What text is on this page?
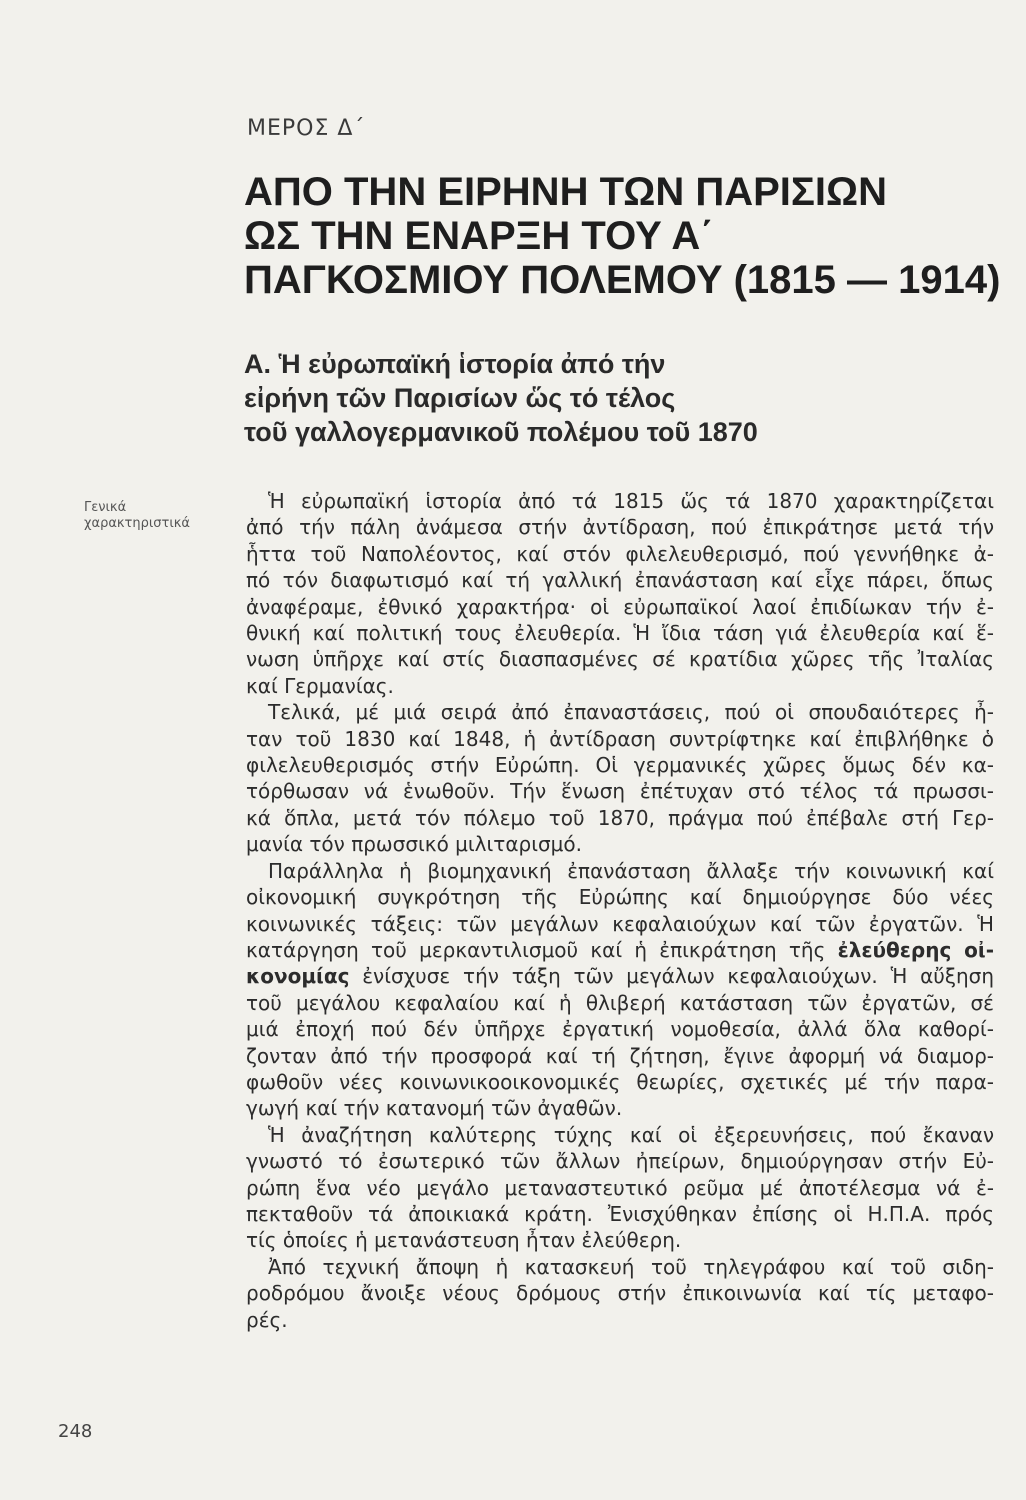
ΜΕΡΟΣ Δ΄
ΑΠΟ ΤΗΝ ΕΙΡΗΝΗ ΤΩΝ ΠΑΡΙΣΙΩΝ
ΩΣ ΤΗΝ ΕΝΑΡΞΗ ΤΟΥ Α΄
ΠΑΓΚΟΣΜΙΟΥ ΠΟΛΕΜΟΥ (1815 — 1914)
Α. Ἡ εὐρωπαϊκή ἱστορία ἀπό τήν
εἰρήνη τῶν Παρισίων ὥς τό τέλος
τοῦ γαλλογερμανικοῦ πολέμου τοῦ 1870
Γενικά
χαρακτηριστικά
Ἡ εὐρωπαϊκή ἱστορία ἀπό τά 1815 ὥς τά 1870 χαρακτηρίζεται
ἀπό τήν πάλη ἀνάμεσα στήν ἀντίδραση, πού ἐπικράτησε μετά τήν
ἧττα τοῦ Ναπολέοντος, καί στόν φιλελευθερισμό, πού γεννήθηκε ἀ-
πό τόν διαφωτισμό καί τή γαλλική ἐπανάσταση καί εἶχε πάρει, ὅπως
ἀναφέραμε, ἐθνικό χαρακτήρα· οἱ εὐρωπαϊκοί λαοί ἐπιδίωκαν τήν ἐ-
θνική καί πολιτική τους ἐλευθερία. Ἡ ἴδια τάση γιά ἐλευθερία καί ἕ-
νωση ὑπῆρχε καί στίς διασπασμένες σέ κρατίδια χῶρες τῆς Ἰταλίας
καί Γερμανίας.
Τελικά, μέ μιά σειρά ἀπό ἐπαναστάσεις, πού οἱ σπουδαιότερες ἦ-
ταν τοῦ 1830 καί 1848, ἡ ἀντίδραση συντρίφτηκε καί ἐπιβλήθηκε ὁ
φιλελευθερισμός στήν Εὐρώπη. Οἱ γερμανικές χῶρες ὅμως δέν κα-
τόρθωσαν νά ἑνωθοῦν. Τήν ἕνωση ἐπέτυχαν στό τέλος τά πρωσσι-
κά ὅπλα, μετά τόν πόλεμο τοῦ 1870, πράγμα πού ἐπέβαλε στή Γερ-
μανία τόν πρωσσικό μιλιταρισμό.
Παράλληλα ἡ βιομηχανική ἐπανάσταση ἄλλαξε τήν κοινωνική καί
οἰκονομική συγκρότηση τῆς Εὐρώπης καί δημιούργησε δύο νέες
κοινωνικές τάξεις: τῶν μεγάλων κεφαλαιούχων καί τῶν ἐργατῶν. Ἡ
κατάργηση τοῦ μερκαντιλισμοῦ καί ἡ ἐπικράτηση τῆς ἐλεύθερης οἰ-
κονομίας ἐνίσχυσε τήν τάξη τῶν μεγάλων κεφαλαιούχων. Ἡ αὔξηση
τοῦ μεγάλου κεφαλαίου καί ἡ θλιβερή κατάσταση τῶν ἐργατῶν, σέ
μιά ἐποχή πού δέν ὑπῆρχε ἐργατική νομοθεσία, ἀλλά ὅλα καθορί-
ζονταν ἀπό τήν προσφορά καί τή ζήτηση, ἔγινε ἀφορμή νά διαμορ-
φωθοῦν νέες κοινωνικοοικονομικές θεωρίες, σχετικές μέ τήν παρα-
γωγή καί τήν κατανομή τῶν ἀγαθῶν.
Ἡ ἀναζήτηση καλύτερης τύχης καί οἱ ἐξερευνήσεις, πού ἔκαναν
γνωστό τό ἐσωτερικό τῶν ἄλλων ἠπείρων, δημιούργησαν στήν Εὐ-
ρώπη ἕνα νέο μεγάλο μεταναστευτικό ρεῦμα μέ ἀποτέλεσμα νά ἐ-
πεκταθοῦν τά ἀποικιακά κράτη. Ἐνισχύθηκαν ἐπίσης οἱ Η.Π.Α. πρός
τίς ὁποίες ἡ μετανάστευση ἦταν ἐλεύθερη.
Ἀπό τεχνική ἄποψη ἡ κατασκευή τοῦ τηλεγράφου καί τοῦ σιδη-
ροδρόμου ἄνοιξε νέους δρόμους στήν ἐπικοινωνία καί τίς μεταφο-
ρές.
248
